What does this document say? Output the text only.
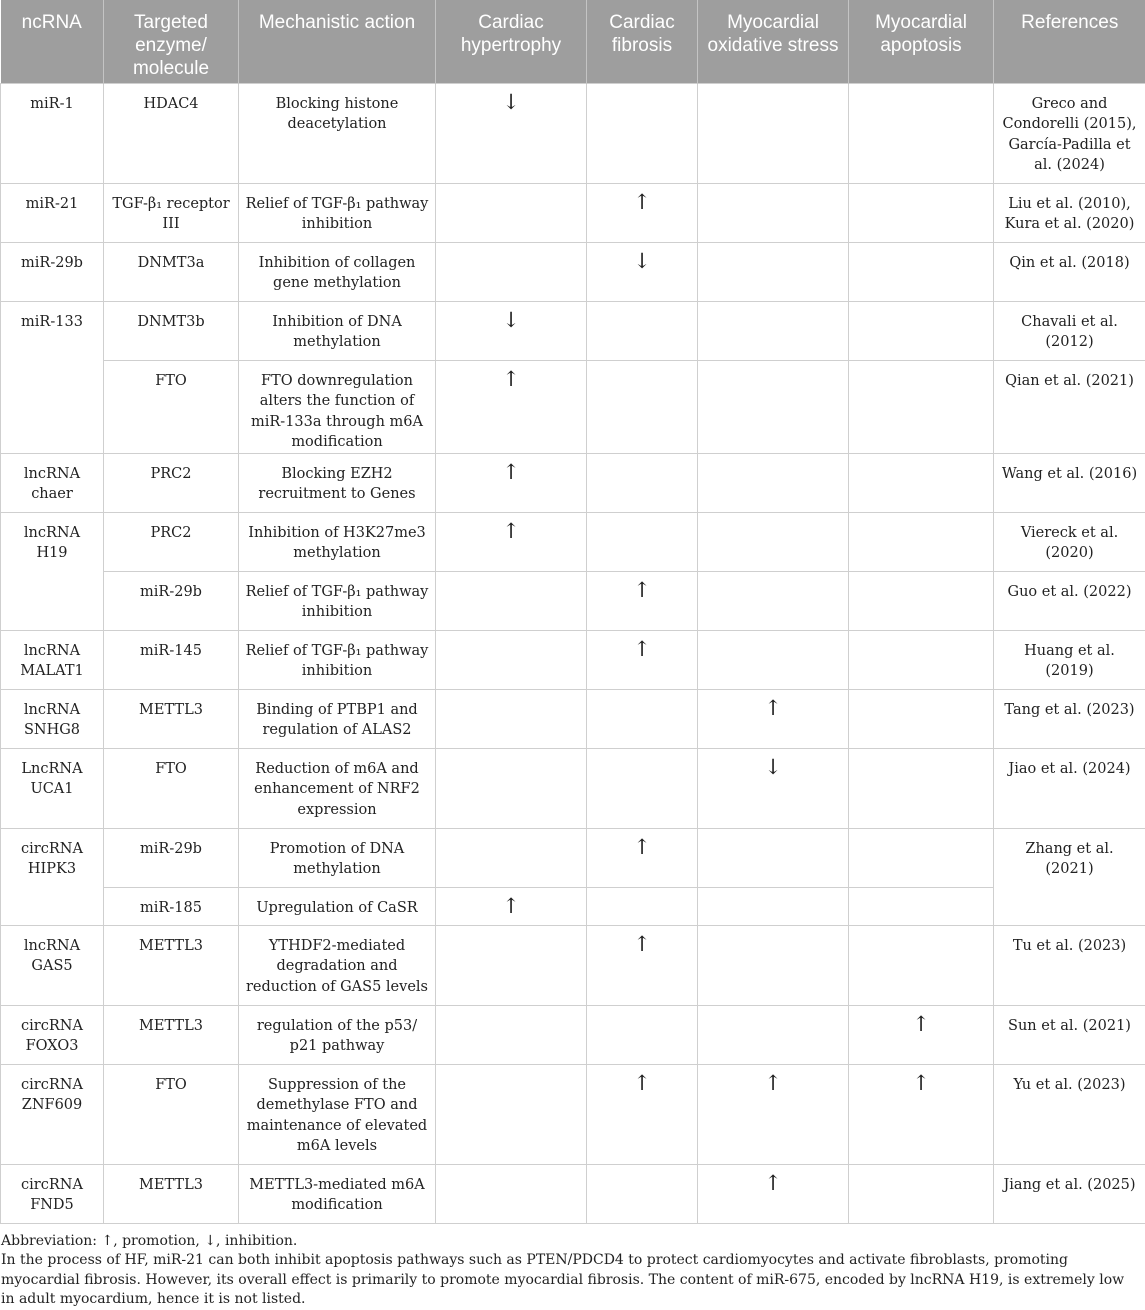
ncRNA	Targeted enzyme/ molecule	Mechanistic action	Cardiac hypertrophy	Cardiac fibrosis	Myocardial oxidative stress	Myocardial apoptosis	References
miR-1	HDAC4	Blocking histone deacetylation	↓				Greco and Condorelli (2015), García-Padilla et al. (2024)
miR-21	TGF-β₁ receptor III	Relief of TGF-β₁ pathway inhibition		↑			Liu et al. (2010), Kura et al. (2020)
miR-29b	DNMT3a	Inhibition of collagen gene methylation		↓			Qin et al. (2018)
miR-133	DNMT3b	Inhibition of DNA methylation	↓				Chavali et al. (2012)
	FTO	FTO downregulation alters the function of miR-133a through m6A modification	↑				Qian et al. (2021)
lncRNA chaer	PRC2	Blocking EZH2 recruitment to Genes	↑				Wang et al. (2016)
lncRNA H19	PRC2	Inhibition of H3K27me3 methylation	↑				Viereck et al. (2020)
	miR-29b	Relief of TGF-β₁ pathway inhibition		↑			Guo et al. (2022)
lncRNA MALAT1	miR-145	Relief of TGF-β₁ pathway inhibition		↑			Huang et al. (2019)
lncRNA SNHG8	METTL3	Binding of PTBP1 and regulation of ALAS2			↑		Tang et al. (2023)
LncRNA UCA1	FTO	Reduction of m6A and enhancement of NRF2 expression			↓		Jiao et al. (2024)
circRNA HIPK3	miR-29b	Promotion of DNA methylation		↑			Zhang et al. (2021)
	miR-185	Upregulation of CaSR	↑				
lncRNA GAS5	METTL3	YTHDF2-mediated degradation and reduction of GAS5 levels		↑			Tu et al. (2023)
circRNA FOXO3	METTL3	regulation of the p53/ p21 pathway				↑	Sun et al. (2021)
circRNA ZNF609	FTO	Suppression of the demethylase FTO and maintenance of elevated m6A levels		↑	↑	↑	Yu et al. (2023)
circRNA FND5	METTL3	METTL3-mediated m6A modification			↑		Jiang et al. (2025)
Abbreviation: ↑, promotion, ↓, inhibition.
In the process of HF, miR-21 can both inhibit apoptosis pathways such as PTEN/PDCD4 to protect cardiomyocytes and activate fibroblasts, promoting myocardial fibrosis. However, its overall effect is primarily to promote myocardial fibrosis. The content of miR-675, encoded by lncRNA H19, is extremely low in adult myocardium, hence it is not listed.
